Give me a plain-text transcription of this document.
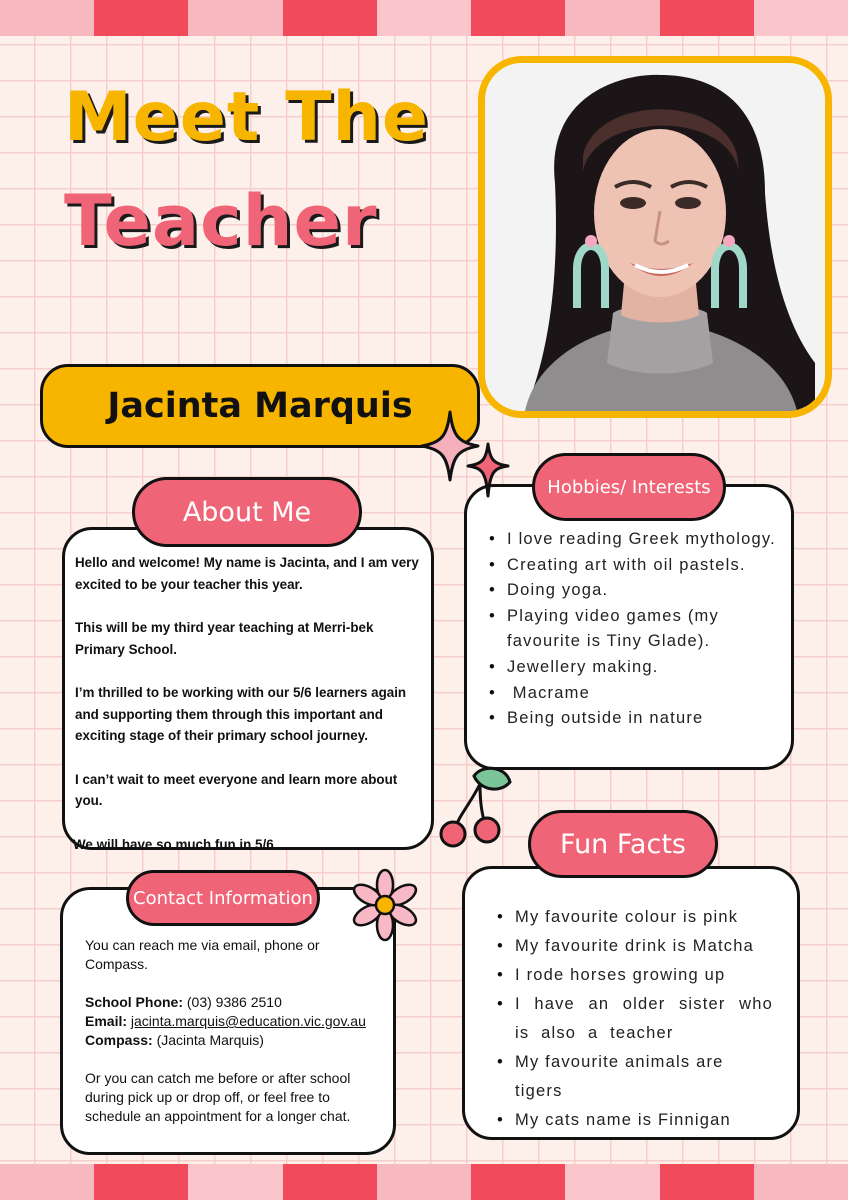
Meet The
Teacher
Jacinta Marquis
About Me

Hello and welcome! My name is Jacinta, and I am very excited to be your teacher this year.

This will be my third year teaching at Merri-bek Primary School.

I’m thrilled to be working with our 5/6 learners again and supporting them through this important and exciting stage of their primary school journey.

I can’t wait to meet everyone and learn more about you.

We will have so much fun in 5/6

Hobbies/ Interests
• I love reading Greek mythology.
• Creating art with oil pastels.
• Doing yoga.
• Playing video games (my favourite is Tiny Glade).
• Jewellery making.
•  Macrame
• Being outside in nature
Fun Facts
• My favourite colour is pink
• My favourite drink is Matcha
• I rode horses growing up
• I have an older sister who is also a teacher
• My favourite animals are tigers
• My cats name is Finnigan
Contact Information

You can reach me via email, phone or Compass.

School Phone: (03) 9386 2510
Email: jacinta.marquis@education.vic.gov.au
Compass: (Jacinta Marquis)

Or you can catch me before or after school during pick up or drop off, or feel free to schedule an appointment for a longer chat.
